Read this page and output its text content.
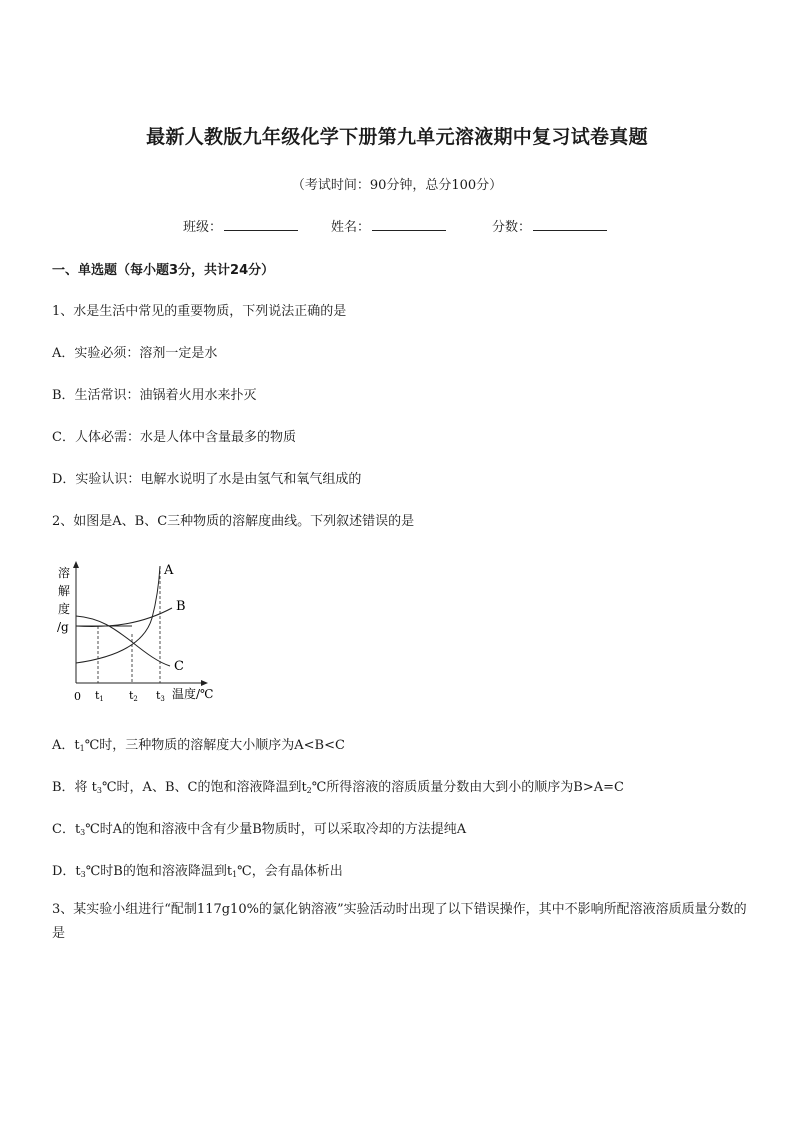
最新人教版九年级化学下册第九单元溶液期中复习试卷真题
（考试时间：90分钟，总分100分）
班级：	姓名：	分数：
一、单选题（每小题3分，共计24分）
1、水是生活中常见的重要物质，下列说法正确的是
A．实验必须：溶剂一定是水
B．生活常识：油锅着火用水来扑灭
C．人体必需：水是人体中含量最多的物质
D．实验认识：电解水说明了水是由氢气和氧气组成的
2、如图是A、B、C三种物质的溶解度曲线。下列叙述错误的是
溶
解
度
/g
A
B
C
0 t1 t2 t3 温度/℃
A．$t_1℃$时，三种物质的溶解度大小顺序为A<B<C
B．将 $t_3℃$时，A、B、C的饱和溶液降温到$t_2℃$所得溶液的溶质质量分数由大到小的顺序为B>A=C
C．$t_3℃$时A的饱和溶液中含有少量B物质时，可以采取冷却的方法提纯A
D．$t_3℃$时B的饱和溶液降温到$t_1℃$，会有晶体析出
3、某实验小组进行“配制117g10%的氯化钠溶液”实验活动时出现了以下错误操作，其中不影响所配溶液溶质质量分数的是
